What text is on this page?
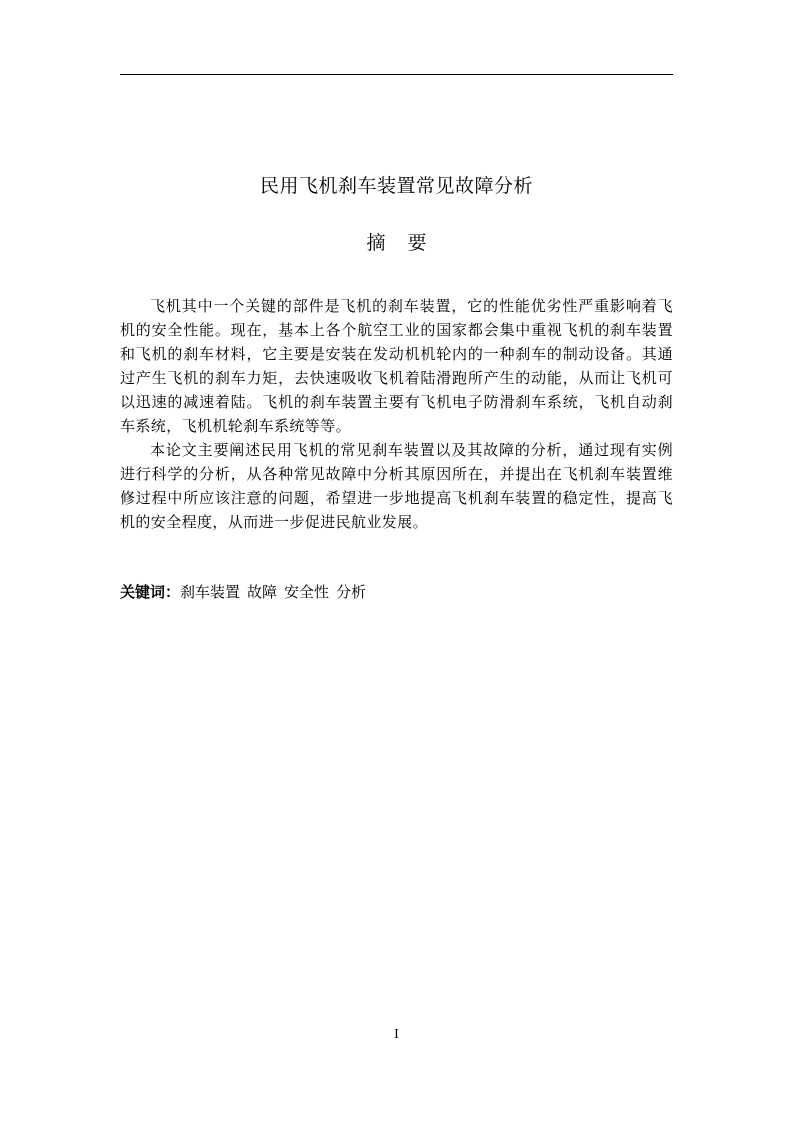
民用飞机刹车装置常见故障分析
摘 要

飞机其中一个关键的部件是飞机的刹车装置，它的性能优劣性严重影响着飞机的安全性能。现在，基本上各个航空工业的国家都会集中重视飞机的刹车装置和飞机的刹车材料，它主要是安装在发动机机轮内的一种刹车的制动设备。其通过产生飞机的刹车力矩，去快速吸收飞机着陆滑跑所产生的动能，从而让飞机可以迅速的减速着陆。飞机的刹车装置主要有飞机电子防滑刹车系统，飞机自动刹车系统，飞机机轮刹车系统等等。

本论文主要阐述民用飞机的常见刹车装置以及其故障的分析，通过现有实例进行科学的分析，从各种常见故障中分析其原因所在，并提出在飞机刹车装置维修过程中所应该注意的问题，希望进一步地提高飞机刹车装置的稳定性，提高飞机的安全程度，从而进一步促进民航业发展。

关键词：刹车装置 故障 安全性 分析
I
